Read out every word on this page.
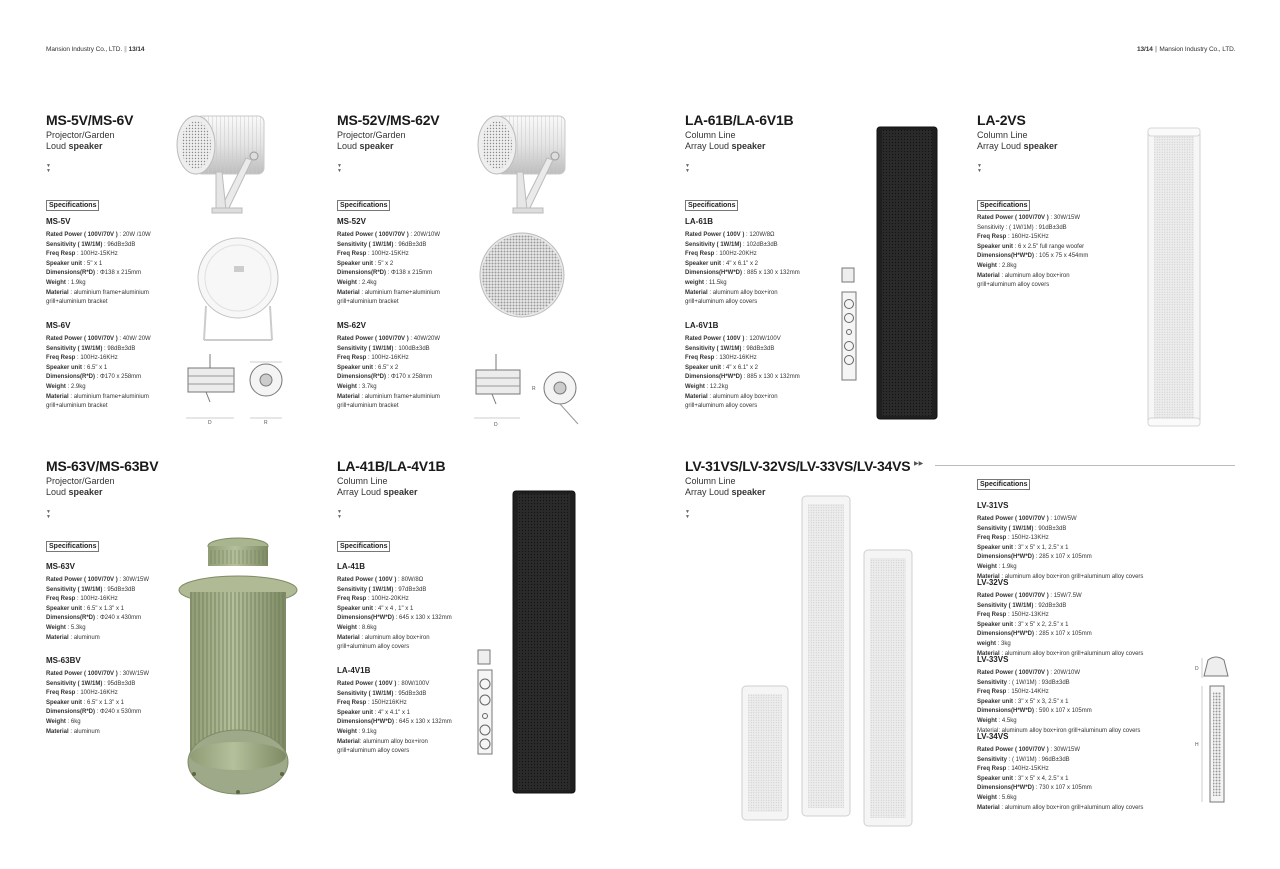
Mansion Industry Co., LTD. ∥ 13/14	13/14 ∥ Mansion Industry Co., LTD.
▶▶
MS-5V/MS-6V
Projector/Garden
Loud speaker
▼
▼
Specifications
MS-5V
Rated Power ( 100V/70V ) : 20W /10W
Sensitivity ( 1W/1M) : 96dB±3dB
Freq Resp : 100Hz-15KHz
Speaker unit : 5" x 1
Dimensions(R*D) : Φ138 x 215mm
Weight : 1.9kg
Material : aluminium frame+aluminium
grill+aluminium bracket
MS-6V
Rated Power ( 100V/70V ) : 40W/ 20W
Sensitivity ( 1W/1M) : 98dB±3dB
Freq Resp : 100Hz-16KHz
Speaker unit : 6.5" x 1
Dimensions(R*D) : Φ170 x 258mm
Weight : 2.9kg
Material : aluminium frame+aluminium
grill+aluminium bracket
MS-52V/MS-62V
Projector/Garden
Loud speaker
▼
▼
Specifications
MS-52V
Rated Power ( 100V/70V ) : 20W/10W
Sensitivity ( 1W/1M) : 96dB±3dB
Freq Resp : 100Hz-15KHz
Speaker unit : 5" x 2
Dimensions(R*D) : Φ138 x 215mm
Weight : 2.4kg
Material : aluminium frame+aluminium
grill+aluminium bracket
MS-62V
Rated Power ( 100V/70V ) : 40W/20W
Sensitivity ( 1W/1M) : 100dB±3dB
Freq Resp : 100Hz-16KHz
Speaker unit : 6.5" x 2
Dimensions(R*D) : Φ170 x 258mm
Weight : 3.7kg
Material : aluminium frame+aluminium
grill+aluminium bracket
LA-61B/LA-6V1B
Column Line
Array Loud speaker
▼
▼
Specifications
LA-61B
Rated Power ( 100V ) : 120W/8Ω
Sensitivity ( 1W/1M) : 102dB±3dB
Freq Resp : 100Hz-20KHz
Speaker unit : 4" x 6.1" x 2
Dimensions(H*W*D) : 885 x 130 x 132mm
weight : 11.5kg
Material : aluminum alloy box+iron
grill+aluminum alloy covers
LA-6V1B
Rated Power ( 100V ) : 120W/100V
Sensitivity ( 1W/1M) : 98dB±3dB
Freq Resp : 130Hz-16KHz
Speaker unit : 4" x 6.1" x 2
Dimensions(H*W*D) : 885 x 130 x 132mm
Weight : 12.2kg
Material : aluminum alloy box+iron
grill+aluminum alloy covers
LA-2VS
Column Line
Array Loud speaker
▼
▼
Specifications
Rated Power ( 100V/70V ) : 30W/15W
Sensitivity : ( 1W/1M) : 91dB±3dB
Freq Resp : 160Hz-15KHz
Speaker unit : 6 x 2.5" full range woofer
Dimensions(H*W*D) : 105 x 75 x 454mm
Weight : 2.8kg
Material : aluminum alloy box+iron
grill+aluminum alloy covers
MS-63V/MS-63BV
Projector/Garden
Loud speaker
▼
▼
Specifications
MS-63V
Rated Power ( 100V/70V ) : 30W/15W
Sensitivity ( 1W/1M) : 95dB±3dB
Freq Resp : 100Hz-16KHz
Speaker unit : 6.5" x 1.3" x 1
Dimensions(R*D) : Φ240 x 430mm
Weight : 5.3kg
Material : aluminum
MS-63BV
Rated Power ( 100V/70V ) : 30W/15W
Sensitivity ( 1W/1M) : 95dB±3dB
Freq Resp : 100Hz-16KHz
Speaker unit : 6.5" x 1.3" x 1
Dimensions(R*D) : Φ240 x 530mm
Weight : 6kg
Material : aluminum
LA-41B/LA-4V1B
Column Line
Array Loud speaker
▼
▼
Specifications
LA-41B
Rated Power ( 100V ) : 80W/8Ω
Sensitivity ( 1W/1M) : 97dB±3dB
Freq Resp : 100Hz-20KHz
Speaker unit : 4" x 4 , 1" x 1
Dimensions(H*W*D) : 645 x 130 x 132mm
Weight : 8.6kg
Material : aluminum alloy box+iron
grill+aluminum alloy covers
LA-4V1B
Rated Power ( 100V ) : 80W/100V
Sensitivity ( 1W/1M) : 95dB±3dB
Freq Resp : 150Hz16KHz
Speaker unit : 4" x 4.1" x 1
Dimensions(H*W*D) : 645 x 130 x 132mm
Weight : 9.1kg
Material: aluminum alloy box+iron
grill+aluminum alloy covers
LV-31VS/LV-32VS/LV-33VS/LV-34VS
Column Line
Array Loud speaker
▼
▼
Specifications
LV-31VS
Rated Power ( 100V/70V ) : 10W/5W
Sensitivity ( 1W/1M) : 90dB±3dB
Freq Resp : 150Hz-13KHz
Speaker unit : 3" x 5" x 1, 2.5" x 1
Dimensions(H*W*D) : 285 x 107 x 105mm
Weight : 1.9kg
Material : aluminum alloy box+iron grill+aluminum alloy covers
LV-32VS
Rated Power ( 100V/70V ) : 15W/7.5W
Sensitivity ( 1W/1M) : 92dB±3dB
Freq Resp : 150Hz-13KHz
Speaker unit : 3" x 5" x 2, 2.5" x 1
Dimensions(H*W*D) : 285 x 107 x 105mm
weight : 3kg
Material : aluminum alloy box+iron grill+aluminum alloy covers
LV-33VS
Rated Power ( 100V/70V ) : 20W/10W
Sensitivity : ( 1W/1M) : 93dB±3dB
Freq Resp : 150Hz-14KHz
Speaker unit : 3" x 5" x 3, 2.5" x 1
Dimensions(H*W*D) : 590 x 107 x 105mm
Weight : 4.5kg
Material: aluminum alloy box+iron grill+aluminum alloy covers
LV-34VS
Rated Power ( 100V/70V ) : 30W/15W
Sensitivity : ( 1W/1M) : 96dB±3dB
Freq Resp : 140Hz-15KHz
Speaker unit : 3" x 5" x 4, 2.5" x 1
Dimensions(H*W*D) : 730 x 107 x 105mm
Weight : 5.6kg
Material : aluminum alloy box+iron grill+aluminum alloy covers
D	R	D
R
D
H
